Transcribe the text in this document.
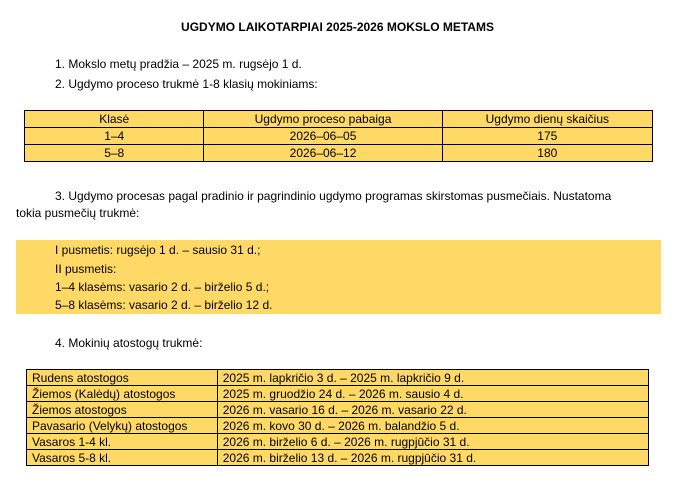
UGDYMO LAIKOTARPIAI 2025-2026 MOKSLO METAMS
1. Mokslo metų pradžia – 2025 m. rugsėjo 1 d.
2. Ugdymo proceso trukmė 1-8 klasių mokiniams:
Klasė	Ugdymo proceso pabaiga	Ugdymo dienų skaičius
1–4	2026–06–05	175
5–8	2026–06–12	180
3. Ugdymo procesas pagal pradinio ir pagrindinio ugdymo programas skirstomas pusmečiais. Nustatoma
tokia pusmečių trukmė:
I pusmetis: rugsėjo 1 d. – sausio 31 d.;
II pusmetis:
1–4 klasėms: vasario 2 d. – birželio 5 d.;
5–8 klasėms: vasario 2 d. – birželio 12 d.
4. Mokinių atostogų trukmė:
Rudens atostogos	2025 m. lapkričio 3 d. – 2025 m. lapkričio 9 d.
Žiemos (Kalėdų) atostogos	2025 m. gruodžio 24 d. – 2026 m. sausio 4 d.
Žiemos atostogos	2026 m. vasario 16 d. – 2026 m. vasario 22 d.
Pavasario (Velykų) atostogos	2026 m. kovo 30 d. – 2026 m. balandžio 5 d.
Vasaros 1-4 kl.	2026 m. birželio 6 d. – 2026 m. rugpjūčio 31 d.
Vasaros 5-8 kl.	2026 m. birželio 13 d. – 2026 m. rugpjūčio 31 d.
